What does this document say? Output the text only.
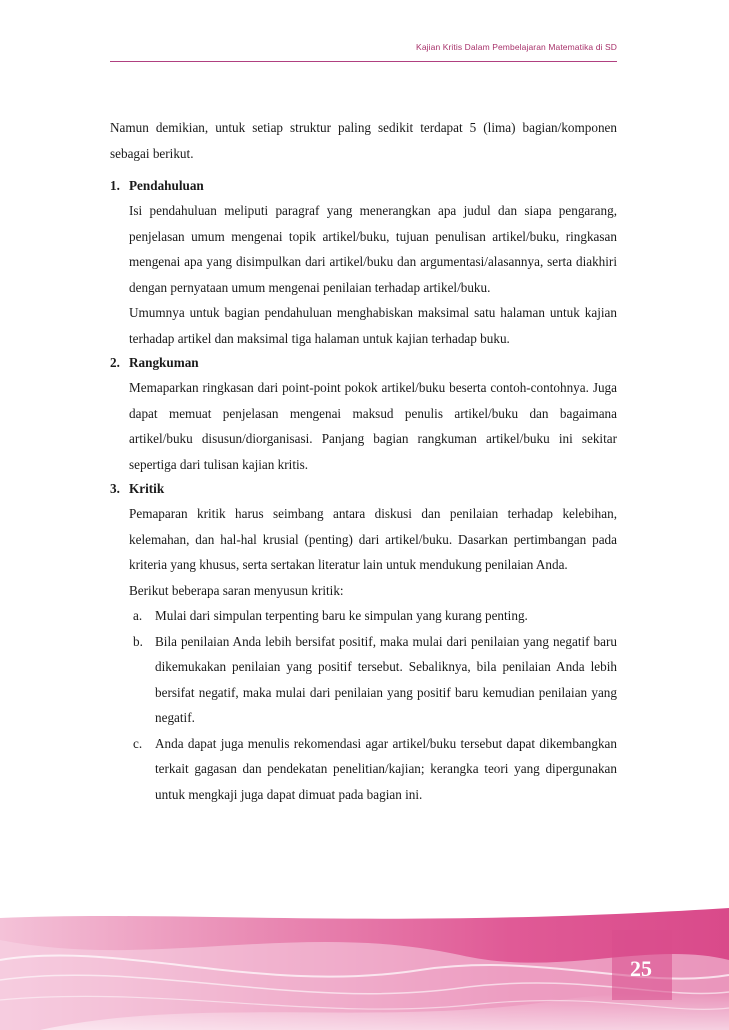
Kajian Kritis Dalam Pembelajaran Matematika di SD

Namun demikian, untuk setiap struktur paling sedikit terdapat 5 (lima) bagian/komponen sebagai berikut.

1. Pendahuluan

Isi pendahuluan meliputi paragraf yang menerangkan apa judul dan siapa pengarang, penjelasan umum mengenai topik artikel/buku, tujuan penulisan artikel/buku, ringkasan mengenai apa yang disimpulkan dari artikel/buku dan argumentasi/alasannya, serta diakhiri dengan pernyataan umum mengenai penilaian terhadap artikel/buku.

Umumnya untuk bagian pendahuluan menghabiskan maksimal satu halaman untuk kajian terhadap artikel dan maksimal tiga halaman untuk kajian terhadap buku.

2. Rangkuman

Memaparkan ringkasan dari point-point pokok artikel/buku beserta contoh-contohnya. Juga dapat memuat penjelasan mengenai maksud penulis artikel/buku dan bagaimana artikel/buku disusun/diorganisasi. Panjang bagian rangkuman artikel/buku ini sekitar sepertiga dari tulisan kajian kritis.

3. Kritik

Pemaparan kritik harus seimbang antara diskusi dan penilaian terhadap kelebihan, kelemahan, dan hal-hal krusial (penting) dari artikel/buku. Dasarkan pertimbangan pada kriteria yang khusus, serta sertakan literatur lain untuk mendukung penilaian Anda.

Berikut beberapa saran menyusun kritik:

a. Mulai dari simpulan terpenting baru ke simpulan yang kurang penting.
b. Bila penilaian Anda lebih bersifat positif, maka mulai dari penilaian yang negatif baru dikemukakan penilaian yang positif tersebut. Sebaliknya, bila penilaian Anda lebih bersifat negatif, maka mulai dari penilaian yang positif baru kemudian penilaian yang negatif.
c. Anda dapat juga menulis rekomendasi agar artikel/buku tersebut dapat dikembangkan terkait gagasan dan pendekatan penelitian/kajian; kerangka teori yang dipergunakan untuk mengkaji juga dapat dimuat pada bagian ini.
25
